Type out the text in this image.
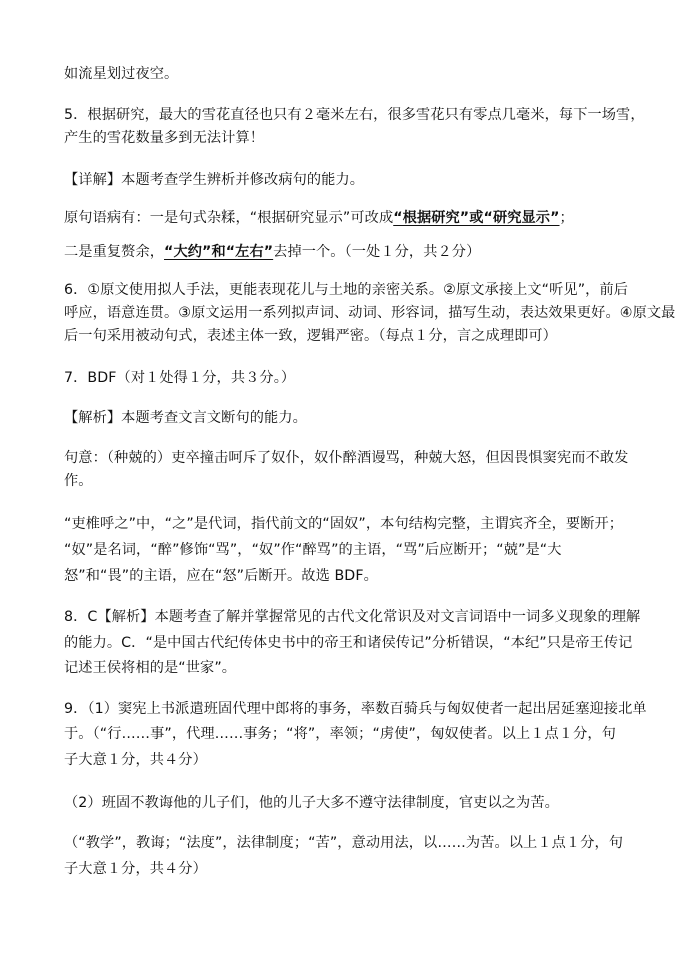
如流星划过夜空。
5．根据研究，最大的雪花直径也只有２毫米左右，很多雪花只有零点几毫米，每下一场雪，
产生的雪花数量多到无法计算！
【详解】本题考查学生辨析并修改病句的能力。
原句语病有：一是句式杂糅，“根据研究显示”可改成“根据研究”或“研究显示”；
二是重复赘余，“大约”和“左右”去掉一个。（一处１分，共２分）
6．①原文使用拟人手法，更能表现花儿与土地的亲密关系。②原文承接上文“听见”，前后
呼应，语意连贯。③原文运用一系列拟声词、动词、形容词，描写生动，表达效果更好。④原文最
后一句采用被动句式，表述主体一致，逻辑严密。（每点１分，言之成理即可）
7．BDF（对１处得１分，共３分。）
【解析】本题考查文言文断句的能力。
句意：（种兢的）吏卒撞击呵斥了奴仆，奴仆醉酒谩骂，种兢大怒，但因畏惧窦宪而不敢发
作。
“吏椎呼之”中，“之”是代词，指代前文的“固奴”，本句结构完整，主谓宾齐全，要断开；
“奴”是名词，“醉”修饰“骂”，“奴”作“醉骂”的主语，“骂”后应断开；“兢”是“大
怒”和“畏”的主语，应在“怒”后断开。故选 BDF。
8．C【解析】本题考查了解并掌握常见的古代文化常识及对文言词语中一词多义现象的理解
的能力。C．“是中国古代纪传体史书中的帝王和诸侯传记”分析错误，“本纪”只是帝王传记
记述王侯将相的是“世家”。
9．（1）窦宪上书派遣班固代理中郎将的事务，率数百骑兵与匈奴使者一起出居延塞迎接北单
于。（“行……事”，代理……事务；“将”，率领；“虏使”，匈奴使者。以上１点１分，句
子大意１分，共４分）
（2）班固不教诲他的儿子们，他的儿子大多不遵守法律制度，官吏以之为苦。
（“教学”，教诲；“法度”，法律制度；“苦”，意动用法，以……为苦。以上１点１分，句
子大意１分，共４分）
